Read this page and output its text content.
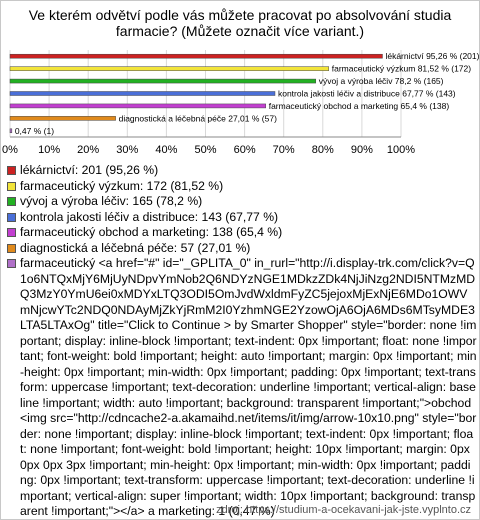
Ve kterém odvětví podle vás můžete pracovat po absolvování studia farmacie? (Můžete označit více variant.)
0% 10% 20% 30% 40% 50% 60% 70% 80% 90% 100%
lékárnictví 95,26 % (201)
farmaceutický výzkum 81,52 % (172)
vývoj a výroba léčiv 78,2 % (165)
kontrola jakosti léčiv a distribuce 67,77 % (143)
farmaceutický obchod a marketing 65,4 % (138)
diagnostická a léčebná péče 27,01 % (57)
0,47 % (1)
lékárnictví: 201 (95,26 %)
farmaceutický výzkum: 172 (81,52 %)
vývoj a výroba léčiv: 165 (78,2 %)
kontrola jakosti léčiv a distribuce: 143 (67,77 %)
farmaceutický obchod a marketing: 138 (65,4 %)
diagnostická a léčebná péče: 57 (27,01 %)
farmaceutický <a href="#" id="_GPLITA_0" in_rurl="http://i.display-trk.com/click?v=Q1o6NTQxMjY6MjUyNDpvYmNob2Q6NDYzNGE1MDkzZDk4NjJiNzg2NDI5NTMzMDQ3MzY0YmU6ei0xMDYxLTQ3ODI5OmJvdWxldmFyZC5jejoxMjExNjE6MDo1OWVmNjcwYTc2NDQ0NDAyMjZkYjRmM2I0YzhmNGE2YzowOjA6OjA6MDs6MTsyMDE3LTA5LTAxOg" title="Click to Continue > by Smarter Shopper" style="border: none !important; display: inline-block !important; text-indent: 0px !important; float: none !important; font-weight: bold !important; height: auto !important; margin: 0px !important; min-height: 0px !important; min-width: 0px !important; padding: 0px !important; text-transform: uppercase !important; text-decoration: underline !important; vertical-align: baseline !important; width: auto !important; background: transparent !important;">obchod<img src="http://cdncache2-a.akamaihd.net/items/it/img/arrow-10x10.png" style="border: none !important; display: inline-block !important; text-indent: 0px !important; float: none !important; font-weight: bold !important; height: 10px !important; margin: 0px 0px 0px 3px !important; min-height: 0px !important; min-width: 0px !important; padding: 0px !important; text-transform: uppercase !important; text-decoration: underline !important; vertical-align: super !important; width: 10px !important; background: transparent !important;"></a> a marketing: 1 (0,47 %)
zdroj: https://studium-a-ocekavani-jak-jste.vyplnto.cz
